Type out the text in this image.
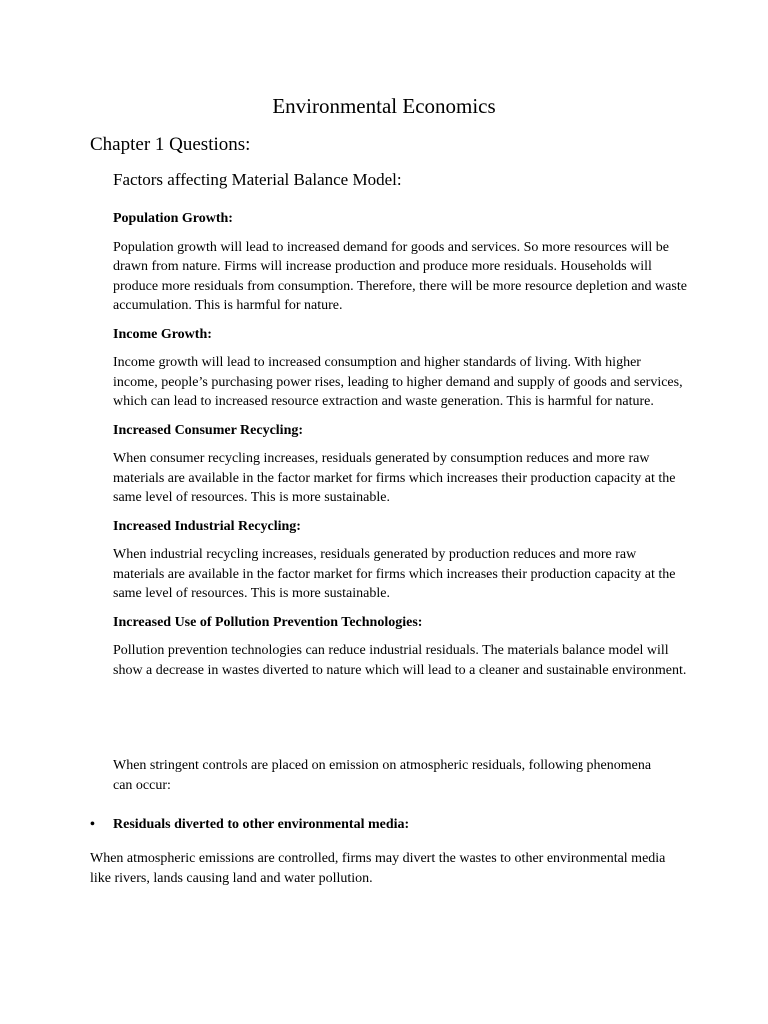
Environmental Economics
Chapter 1 Questions:
Factors affecting Material Balance Model:

Population Growth:

Population growth will lead to increased demand for goods and services. So more resources will be drawn from nature. Firms will increase production and produce more residuals. Households will produce more residuals from consumption. Therefore, there will be more resource depletion and waste accumulation. This is harmful for nature.

Income Growth:

Income growth will lead to increased consumption and higher standards of living. With higher income, people’s purchasing power rises, leading to higher demand and supply of goods and services, which can lead to increased resource extraction and waste generation. This is harmful for nature.

Increased Consumer Recycling:

When consumer recycling increases, residuals generated by consumption reduces and more raw materials are available in the factor market for firms which increases their production capacity at the same level of resources. This is more sustainable.

Increased Industrial Recycling:

When industrial recycling increases, residuals generated by production reduces and more raw materials are available in the factor market for firms which increases their production capacity at the same level of resources. This is more sustainable.

Increased Use of Pollution Prevention Technologies:

Pollution prevention technologies can reduce industrial residuals. The materials balance model will show a decrease in wastes diverted to nature which will lead to a cleaner and sustainable environment.

When stringent controls are placed on emission on atmospheric residuals, following phenomena can occur:

• Residuals diverted to other environmental media:

When atmospheric emissions are controlled, firms may divert the wastes to other environmental media like rivers, lands causing land and water pollution.
